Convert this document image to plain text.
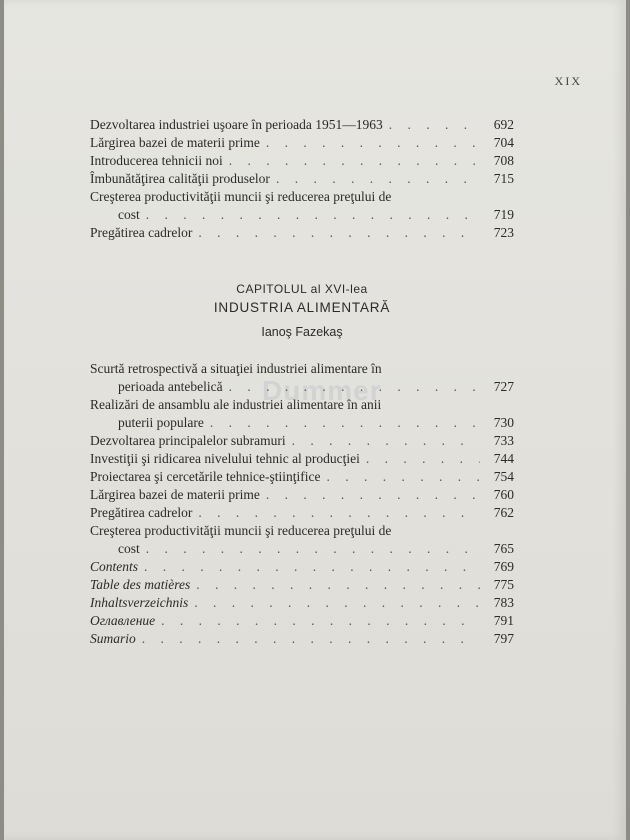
XIX
Dezvoltarea industriei uşoare în perioada 1951—1963 . . .	692
Lărgirea bazei de materii prime . . .	704
Introducerea tehnicii noi . . .	708
Îmbunătăţirea calităţii produselor . . .	715
Creşterea productivităţii muncii şi reducerea preţului de
cost . . .	719
Pregătirea cadrelor . . .	723
CAPITOLUL al XVI-lea
INDUSTRIA ALIMENTARĂ
Ianoş Fazekaş
Dummer
Scurtă retrospectivă a situaţiei industriei alimentare în
perioada antebelică . . .	727
Realizări de ansamblu ale industriei alimentare în anii
puterii populare . . .	730
Dezvoltarea principalelor subramuri . . .	733
Investiţii şi ridicarea nivelului tehnic al producţiei . . .	744
Proiectarea şi cercetările tehnice-ştiinţifice . . .	754
Lărgirea bazei de materii prime . . .	760
Pregătirea cadrelor . . .	762
Creşterea productivităţii muncii şi reducerea preţului de
cost . . .	765
Contents . . .	769
Table des matières . . .	775
Inhaltsverzeichnis . . .	783
Оглавление . . .	791
Sumario . . .	797
